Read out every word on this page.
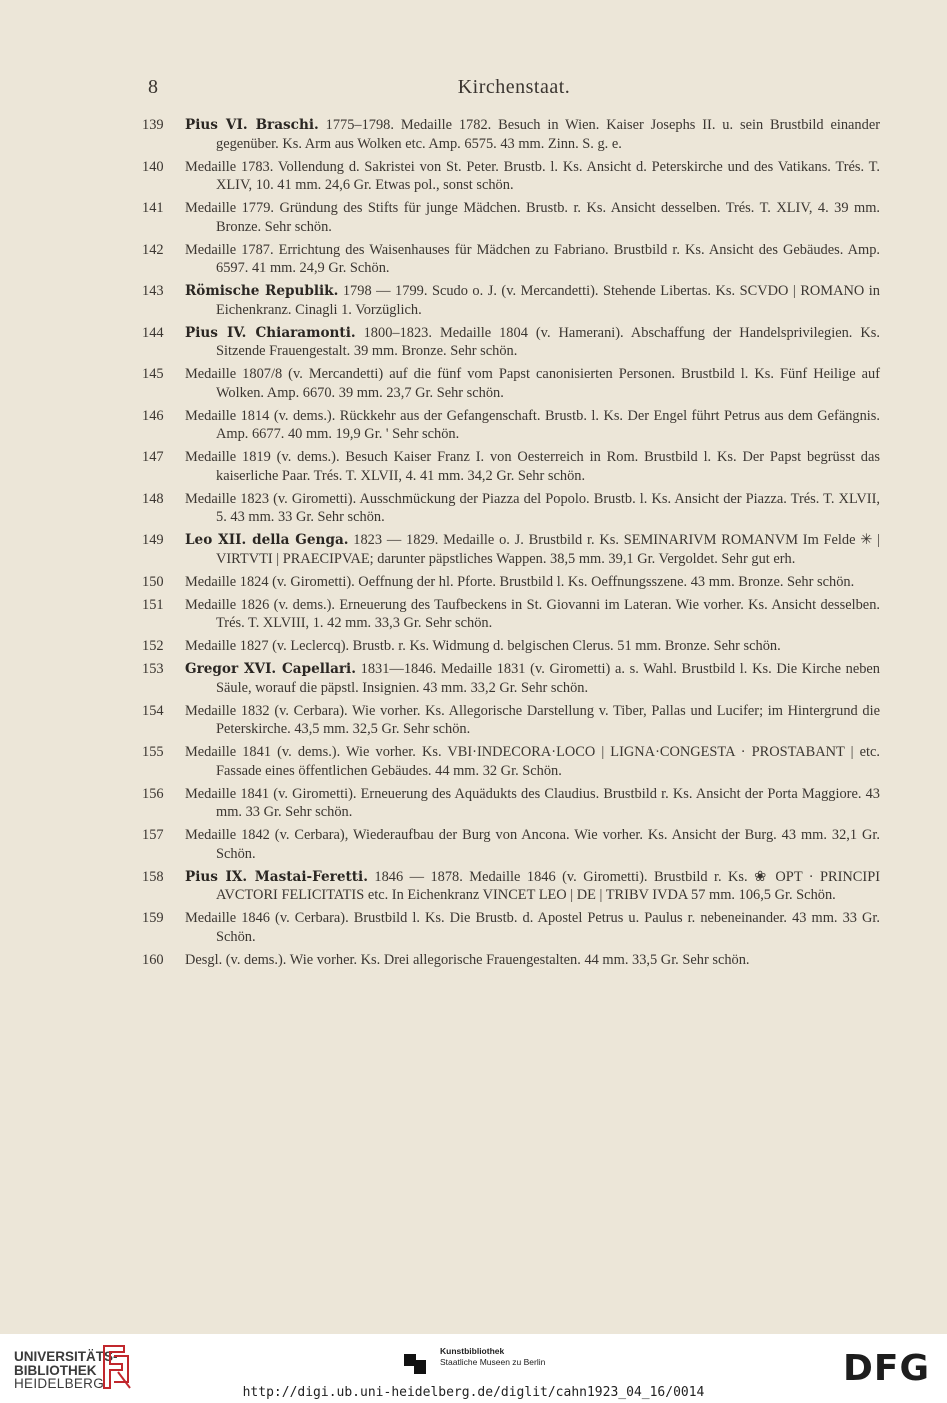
8	Kirchenstaat.
139 Pius VI. Braschi. 1775–1798. Medaille 1782. Besuch in Wien. Kaiser Josephs II. u. sein Brustbild einander gegenüber. Ks. Arm aus Wolken etc. Amp. 6575. 43 mm. Zinn. S. g. e.
140 Medaille 1783. Vollendung d. Sakristei von St. Peter. Brustb. l. Ks. Ansicht d. Peterskirche und des Vatikans. Trés. T. XLIV, 10. 41 mm. 24,6 Gr. Etwas pol., sonst schön.
141 Medaille 1779. Gründung des Stifts für junge Mädchen. Brustb. r. Ks. Ansicht desselben. Trés. T. XLIV, 4. 39 mm. Bronze. Sehr schön.
142 Medaille 1787. Errichtung des Waisenhauses für Mädchen zu Fabriano. Brustbild r. Ks. Ansicht des Gebäudes. Amp. 6597. 41 mm. 24,9 Gr. Schön.
143 Römische Republik. 1798 — 1799. Scudo o. J. (v. Mercandetti). Stehende Libertas. Ks. SCVDO | ROMANO in Eichenkranz. Cinagli 1. Vorzüglich.
144 Pius IV. Chiaramonti. 1800–1823. Medaille 1804 (v. Hamerani). Abschaffung der Handelsprivilegien. Ks. Sitzende Frauengestalt. 39 mm. Bronze. Sehr schön.
145 Medaille 1807/8 (v. Mercandetti) auf die fünf vom Papst canonisierten Personen. Brustbild l. Ks. Fünf Heilige auf Wolken. Amp. 6670. 39 mm. 23,7 Gr. Sehr schön.
146 Medaille 1814 (v. dems.). Rückkehr aus der Gefangenschaft. Brustb. l. Ks. Der Engel führt Petrus aus dem Gefängnis. Amp. 6677. 40 mm. 19,9 Gr. ' Sehr schön.
147 Medaille 1819 (v. dems.). Besuch Kaiser Franz I. von Oesterreich in Rom. Brustbild l. Ks. Der Papst begrüsst das kaiserliche Paar. Trés. T. XLVII, 4. 41 mm. 34,2 Gr. Sehr schön.
148 Medaille 1823 (v. Girometti). Ausschmückung der Piazza del Popolo. Brustb. l. Ks. Ansicht der Piazza. Trés. T. XLVII, 5. 43 mm. 33 Gr. Sehr schön.
149 Leo XII. della Genga. 1823 — 1829. Medaille o. J. Brustbild r. Ks. SEMINARIVM ROMANVM Im Felde ✳ | VIRTVTI | PRAECIPVAE; darunter päpstliches Wappen. 38,5 mm. 39,1 Gr. Vergoldet. Sehr gut erh.
150 Medaille 1824 (v. Girometti). Oeffnung der hl. Pforte. Brustbild l. Ks. Oeffnungsszene. 43 mm. Bronze. Sehr schön.
151 Medaille 1826 (v. dems.). Erneuerung des Taufbeckens in St. Giovanni im Lateran. Wie vorher. Ks. Ansicht desselben. Trés. T. XLVIII, 1. 42 mm. 33,3 Gr. Sehr schön.
152 Medaille 1827 (v. Leclercq). Brustb. r. Ks. Widmung d. belgischen Clerus. 51 mm. Bronze. Sehr schön.
153 Gregor XVI. Capellari. 1831—1846. Medaille 1831 (v. Girometti) a. s. Wahl. Brustbild l. Ks. Die Kirche neben Säule, worauf die päpstl. Insignien. 43 mm. 33,2 Gr. Sehr schön.
154 Medaille 1832 (v. Cerbara). Wie vorher. Ks. Allegorische Darstellung v. Tiber, Pallas und Lucifer; im Hintergrund die Peterskirche. 43,5 mm. 32,5 Gr. Sehr schön.
155 Medaille 1841 (v. dems.). Wie vorher. Ks. VBI·INDECORA·LOCO | LIGNA·CONGESTA · PROSTABANT | etc. Fassade eines öffentlichen Gebäudes. 44 mm. 32 Gr. Schön.
156 Medaille 1841 (v. Girometti). Erneuerung des Aquädukts des Claudius. Brustbild r. Ks. Ansicht der Porta Maggiore. 43 mm. 33 Gr. Sehr schön.
157 Medaille 1842 (v. Cerbara), Wiederaufbau der Burg von Ancona. Wie vorher. Ks. Ansicht der Burg. 43 mm. 32,1 Gr. Schön.
158 Pius IX. Mastai-Feretti. 1846 — 1878. Medaille 1846 (v. Girometti). Brustbild r. Ks. ❀ OPT · PRINCIPI AVCTORI FELICITATIS etc. In Eichenkranz VINCET LEO | DE | TRIBV IVDA 57 mm. 106,5 Gr. Schön.
159 Medaille 1846 (v. Cerbara). Brustbild l. Ks. Die Brustb. d. Apostel Petrus u. Paulus r. nebeneinander. 43 mm. 33 Gr. Schön.
160 Desgl. (v. dems.). Wie vorher. Ks. Drei allegorische Frauengestalten. 44 mm. 33,5 Gr. Sehr schön.
UNIVERSITÄTS-
BIBLIOTHEK
HEIDELBERG
Kunstbibliothek
Staatliche Museen zu Berlin	DFG
http://digi.ub.uni-heidelberg.de/diglit/cahn1923_04_16/0014
